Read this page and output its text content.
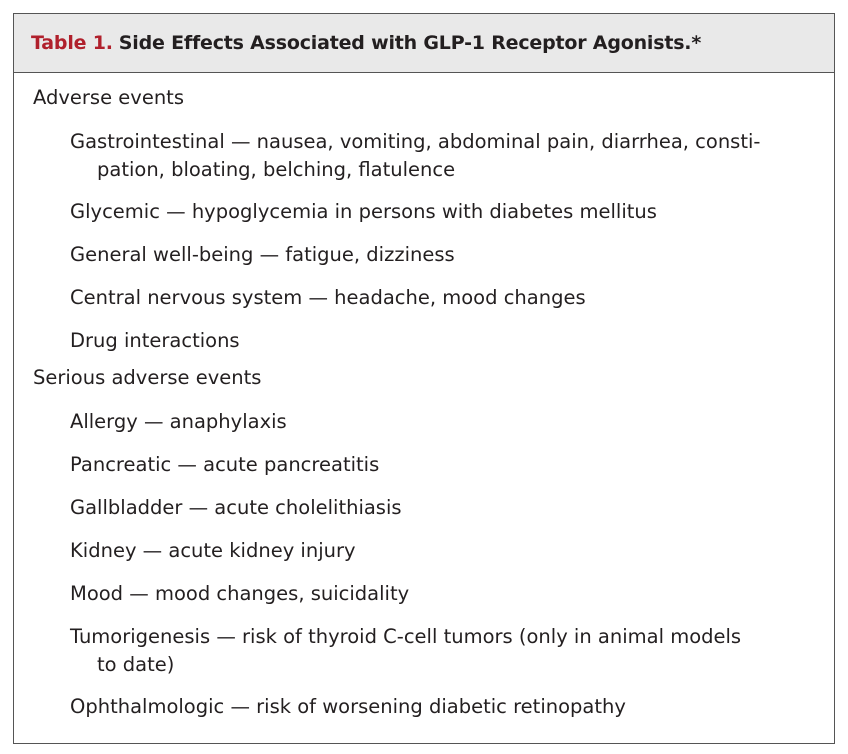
Table 1. Side Effects Associated with GLP-1 Receptor Agonists.*
Adverse events
Gastrointestinal — nausea, vomiting, abdominal pain, diarrhea, consti-
pation, bloating, belching, flatulence
Glycemic — hypoglycemia in persons with diabetes mellitus
General well-being — fatigue, dizziness
Central nervous system — headache, mood changes
Drug interactions
Serious adverse events
Allergy — anaphylaxis
Pancreatic — acute pancreatitis
Gallbladder — acute cholelithiasis
Kidney — acute kidney injury
Mood — mood changes, suicidality
Tumorigenesis — risk of thyroid C-cell tumors (only in animal models
to date)
Ophthalmologic — risk of worsening diabetic retinopathy
